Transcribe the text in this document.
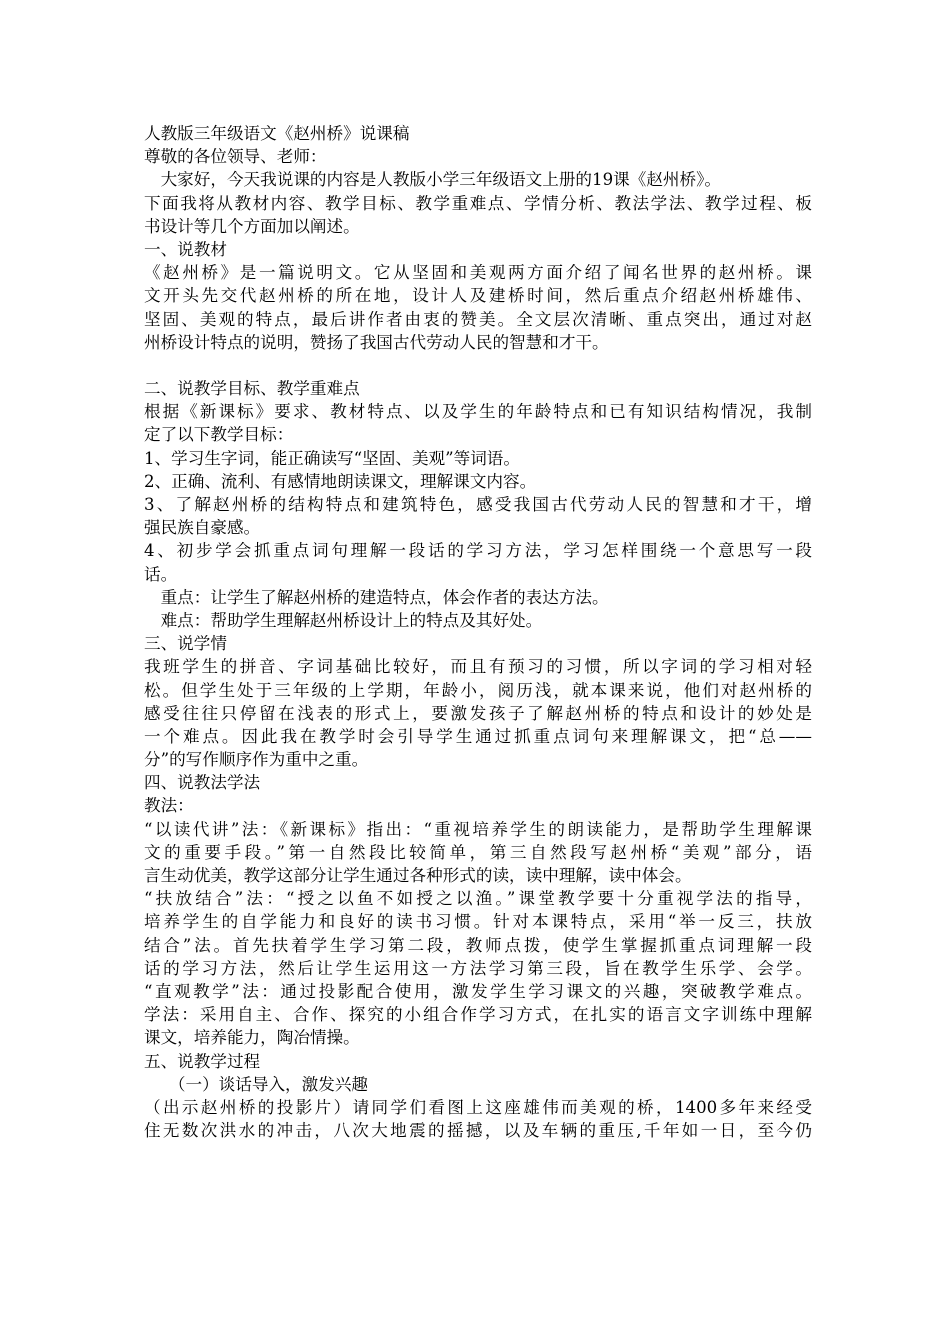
人教版三年级语文《赵州桥》说课稿
尊敬的各位领导、老师：
　大家好，今天我说课的内容是人教版小学三年级语文上册的19课《赵州桥》。
下面我将从教材内容、教学目标、教学重难点、学情分析、教法学法、教学过程、板
书设计等几个方面加以阐述。
一、说教材
《赵州桥》是一篇说明文。它从坚固和美观两方面介绍了闻名世界的赵州桥。课
文开头先交代赵州桥的所在地，设计人及建桥时间，然后重点介绍赵州桥雄伟、
坚固、美观的特点，最后讲作者由衷的赞美。全文层次清晰、重点突出，通过对赵
州桥设计特点的说明，赞扬了我国古代劳动人民的智慧和才干。
二、说教学目标、教学重难点
根据《新课标》要求、教材特点、以及学生的年龄特点和已有知识结构情况，我制
定了以下教学目标：
1、学习生字词，能正确读写“坚固、美观”等词语。
2、正确、流利、有感情地朗读课文，理解课文内容。
3、了解赵州桥的结构特点和建筑特色，感受我国古代劳动人民的智慧和才干，增
强民族自豪感。
4、初步学会抓重点词句理解一段话的学习方法，学习怎样围绕一个意思写一段
话。
　重点：让学生了解赵州桥的建造特点，体会作者的表达方法。
　难点：帮助学生理解赵州桥设计上的特点及其好处。
三、说学情
我班学生的拼音、字词基础比较好，而且有预习的习惯，所以字词的学习相对轻
松。但学生处于三年级的上学期，年龄小，阅历浅，就本课来说，他们对赵州桥的
感受往往只停留在浅表的形式上，要激发孩子了解赵州桥的特点和设计的妙处是
一个难点。因此我在教学时会引导学生通过抓重点词句来理解课文，把“总——
分”的写作顺序作为重中之重。
四、说教法学法
教法：
“以读代讲”法：《新课标》指出：“重视培养学生的朗读能力，是帮助学生理解课
文的重要手段。”第一自然段比较简单，第三自然段写赵州桥“美观”部分，语
言生动优美，教学这部分让学生通过各种形式的读，读中理解，读中体会。
“扶放结合”法：“授之以鱼不如授之以渔。”课堂教学要十分重视学法的指导，
培养学生的自学能力和良好的读书习惯。针对本课特点，采用“举一反三，扶放
结合”法。首先扶着学生学习第二段，教师点拨，使学生掌握抓重点词理解一段
话的学习方法，然后让学生运用这一方法学习第三段，旨在教学生乐学、会学。
“直观教学”法：通过投影配合使用，激发学生学习课文的兴趣，突破教学难点。
学法：采用自主、合作、探究的小组合作学习方式，在扎实的语言文字训练中理解
课文，培养能力，陶冶情操。
五、说教学过程
　　（一）谈话导入，激发兴趣
（出示赵州桥的投影片）请同学们看图上这座雄伟而美观的桥，1400多年来经受
住无数次洪水的冲击，八次大地震的摇撼，以及车辆的重压,千年如一日，至今仍
